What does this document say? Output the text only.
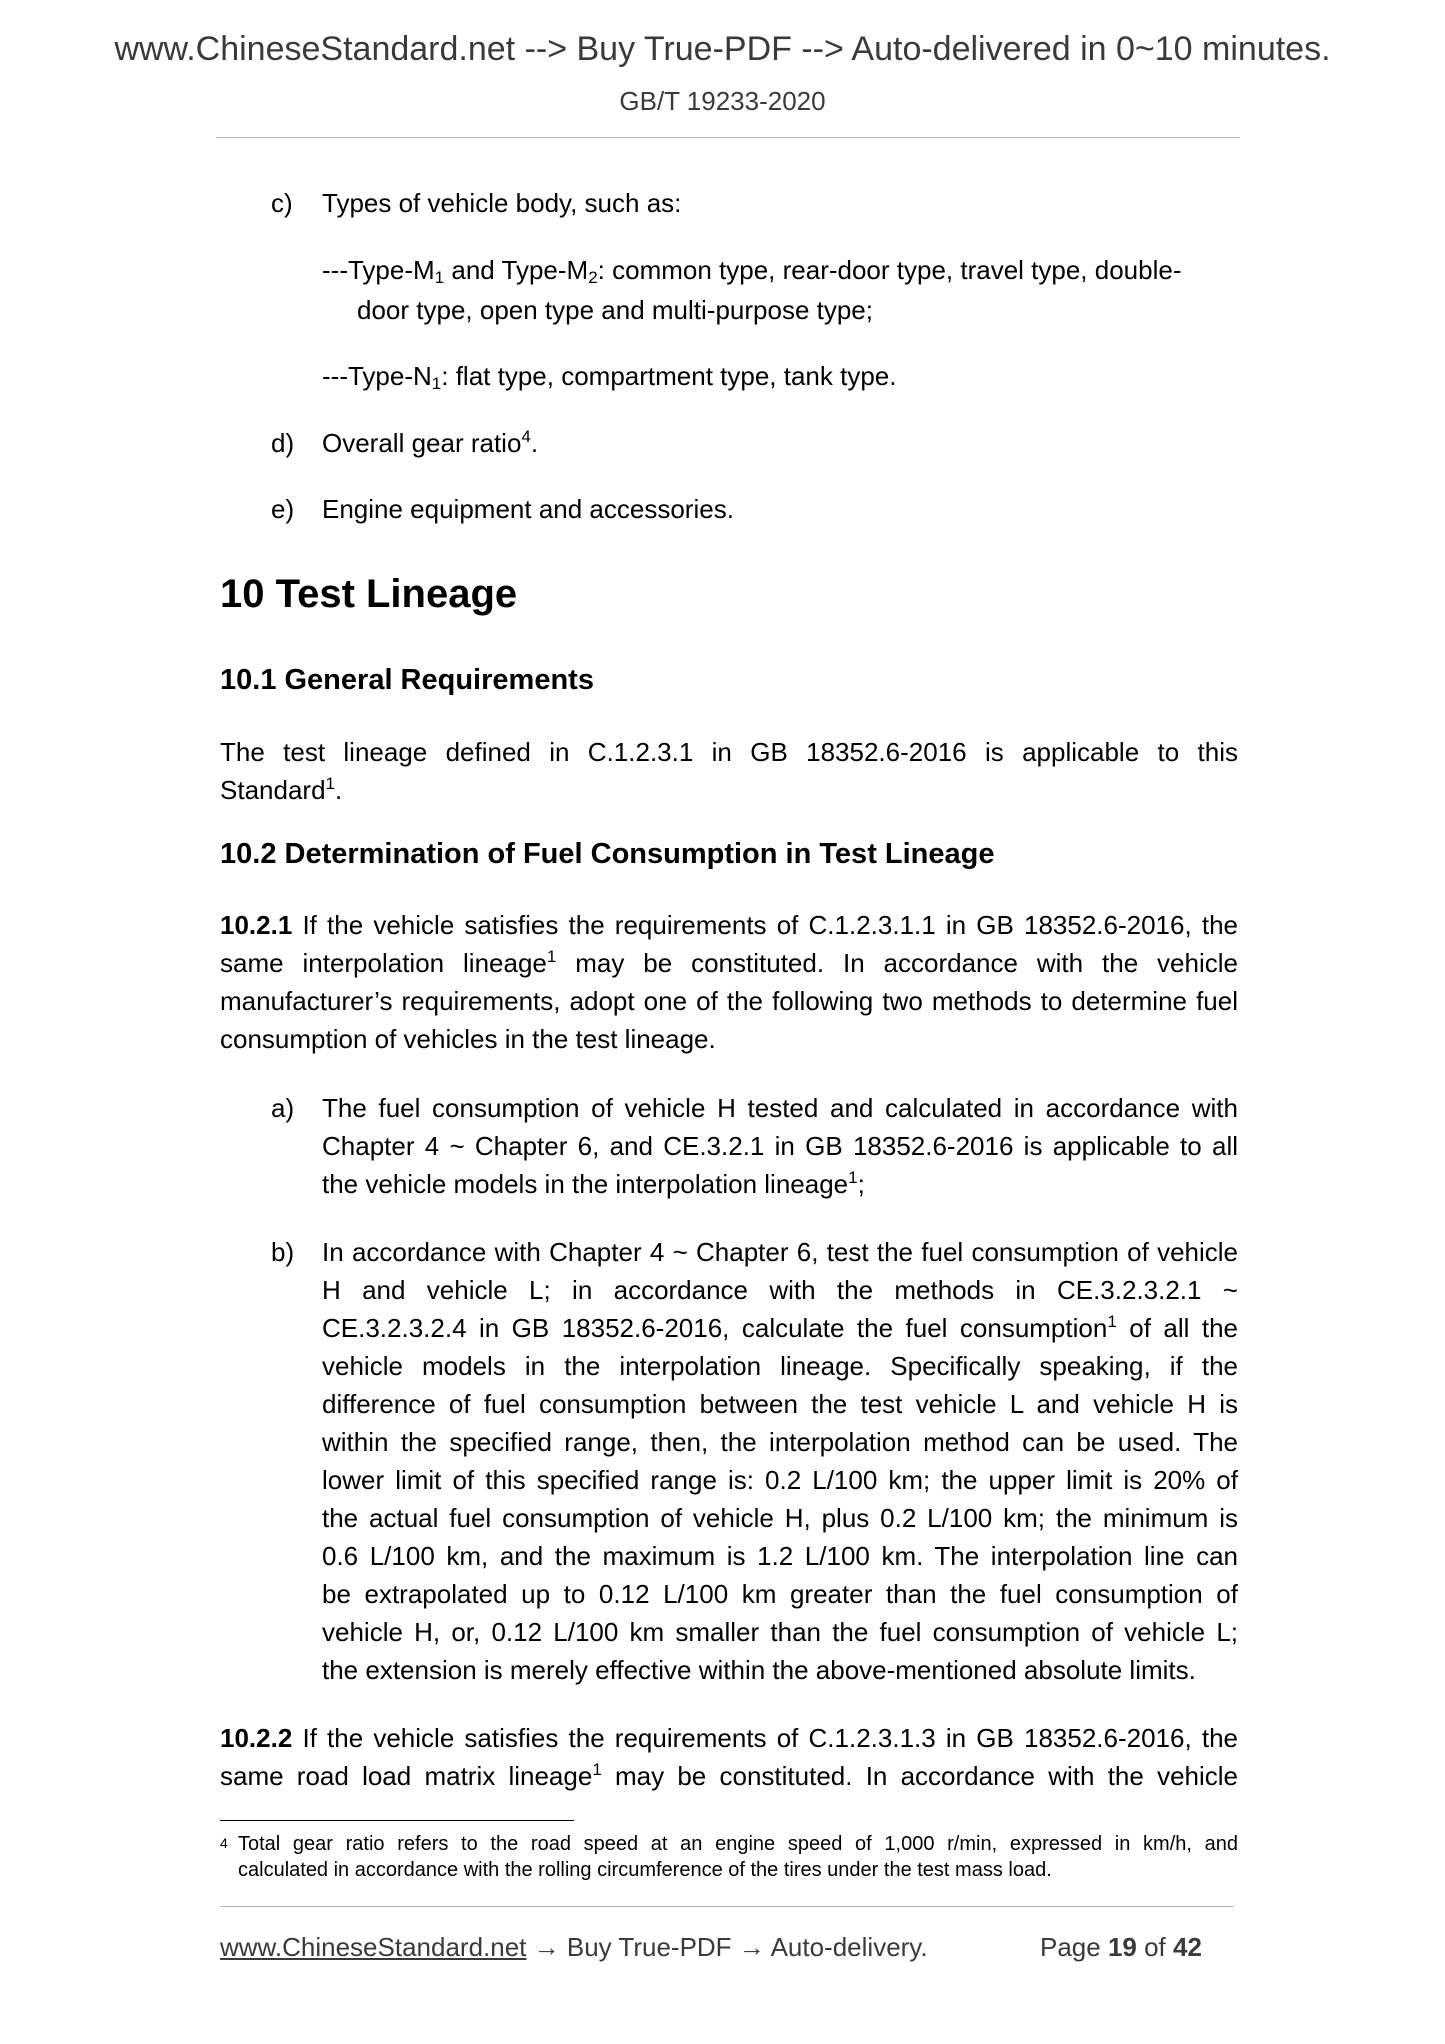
www.ChineseStandard.net --> Buy True-PDF --> Auto-delivered in 0~10 minutes.
GB/T 19233-2020
c) Types of vehicle body, such as:
$---Type-M_1$ and Type-$M_2$: common type, rear-door type, travel type, double-
door type, open type and multi-purpose type;
$---Type-N_1$: flat type, compartment type, tank type.
d) Overall gear ratio$^4$.
e) Engine equipment and accessories.
10 Test Lineage
10.1 General Requirements
The test lineage defined in C.1.2.3.1 in GB 18352.6-2016 is applicable to this
Standard$^1$.
10.2 Determination of Fuel Consumption in Test Lineage
10.2.1 If the vehicle satisfies the requirements of C.1.2.3.1.1 in GB 18352.6-2016, the
same interpolation lineage$^1$ may be constituted. In accordance with the vehicle
manufacturer’s requirements, adopt one of the following two methods to determine fuel
consumption of vehicles in the test lineage.
a) The fuel consumption of vehicle H tested and calculated in accordance with
Chapter 4 ~ Chapter 6, and CE.3.2.1 in GB 18352.6-2016 is applicable to all
the vehicle models in the interpolation lineage$^1$;
b) In accordance with Chapter 4 ~ Chapter 6, test the fuel consumption of vehicle
H and vehicle L; in accordance with the methods in CE.3.2.3.2.1 ~
CE.3.2.3.2.4 in GB 18352.6-2016, calculate the fuel consumption$^1$ of all the
vehicle models in the interpolation lineage. Specifically speaking, if the
difference of fuel consumption between the test vehicle L and vehicle H is
within the specified range, then, the interpolation method can be used. The
lower limit of this specified range is: 0.2 L/100 km; the upper limit is 20% of
the actual fuel consumption of vehicle H, plus 0.2 L/100 km; the minimum is
0.6 L/100 km, and the maximum is 1.2 L/100 km. The interpolation line can
be extrapolated up to 0.12 L/100 km greater than the fuel consumption of
vehicle H, or, 0.12 L/100 km smaller than the fuel consumption of vehicle L;
the extension is merely effective within the above-mentioned absolute limits.
10.2.2 If the vehicle satisfies the requirements of C.1.2.3.1.3 in GB 18352.6-2016, the
same road load matrix lineage$^1$ may be constituted. In accordance with the vehicle
4 Total gear ratio refers to the road speed at an engine speed of 1,000 r/min, expressed in km/h, and
calculated in accordance with the rolling circumference of the tires under the test mass load.
www.ChineseStandard.net → Buy True-PDF → Auto-delivery.	Page 19 of 42
